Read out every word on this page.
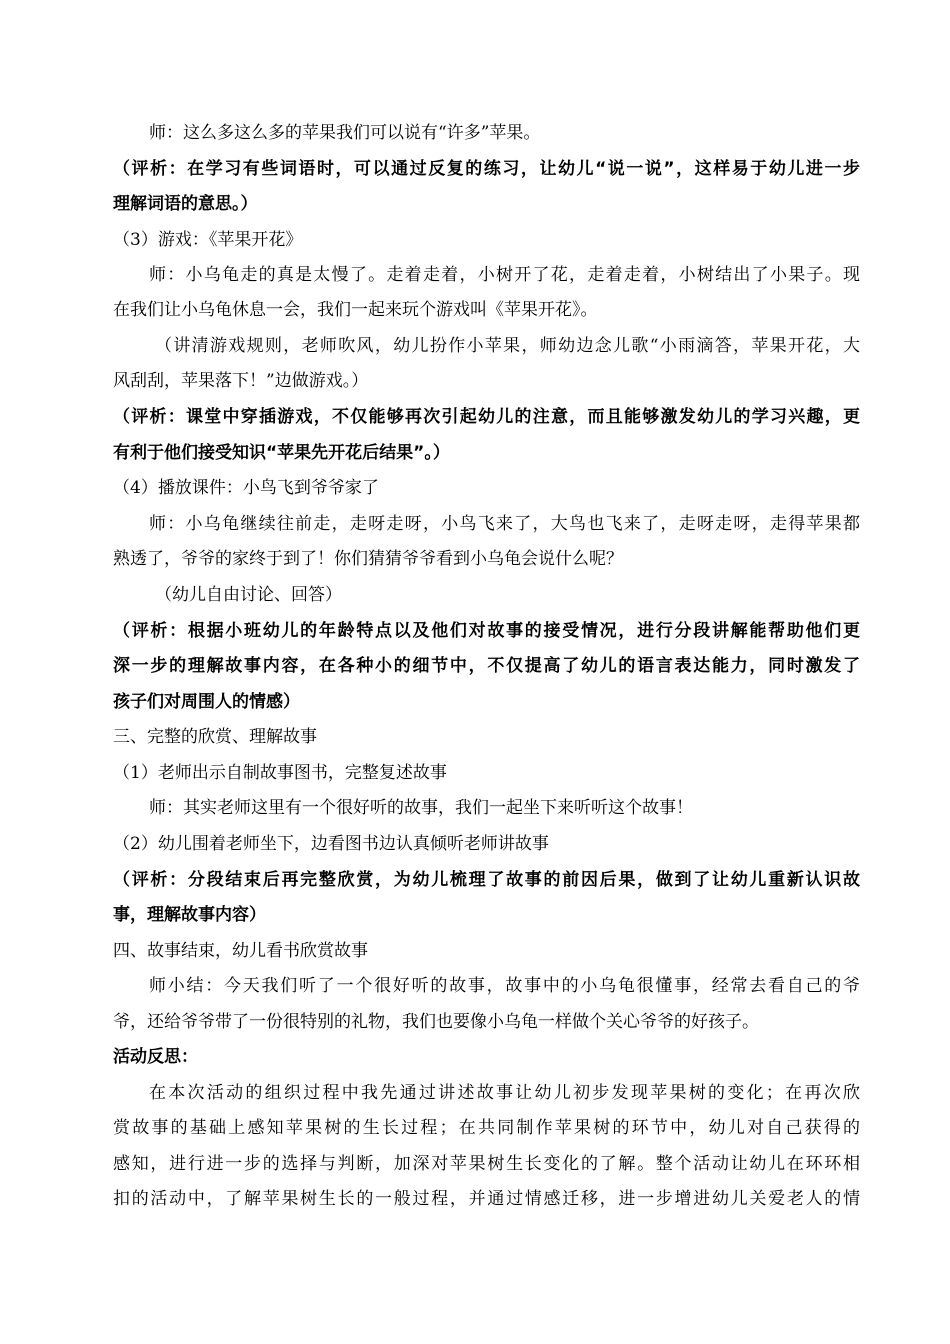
师：这么多这么多的苹果我们可以说有“许多”苹果。
（评析：在学习有些词语时，可以通过反复的练习，让幼儿“说一说”，这样易于幼儿进一步
理解词语的意思。）
（3）游戏：《苹果开花》
师：小乌龟走的真是太慢了。走着走着，小树开了花，走着走着，小树结出了小果子。现
在我们让小乌龟休息一会，我们一起来玩个游戏叫《苹果开花》。
（讲清游戏规则，老师吹风，幼儿扮作小苹果，师幼边念儿歌“小雨滴答，苹果开花，大
风刮刮，苹果落下！”边做游戏。）
（评析：课堂中穿插游戏，不仅能够再次引起幼儿的注意，而且能够激发幼儿的学习兴趣，更
有利于他们接受知识“苹果先开花后结果”。）
（4）播放课件：小鸟飞到爷爷家了
师：小乌龟继续往前走，走呀走呀，小鸟飞来了，大鸟也飞来了，走呀走呀，走得苹果都
熟透了，爷爷的家终于到了！你们猜猜爷爷看到小乌龟会说什么呢？
（幼儿自由讨论、回答）
（评析：根据小班幼儿的年龄特点以及他们对故事的接受情况，进行分段讲解能帮助他们更
深一步的理解故事内容，在各种小的细节中，不仅提高了幼儿的语言表达能力，同时激发了
孩子们对周围人的情感）
三、完整的欣赏、理解故事
（1）老师出示自制故事图书，完整复述故事
师：其实老师这里有一个很好听的故事，我们一起坐下来听听这个故事！
（2）幼儿围着老师坐下，边看图书边认真倾听老师讲故事
（评析：分段结束后再完整欣赏，为幼儿梳理了故事的前因后果，做到了让幼儿重新认识故
事，理解故事内容）
四、故事结束，幼儿看书欣赏故事
师小结：今天我们听了一个很好听的故事，故事中的小乌龟很懂事，经常去看自己的爷
爷，还给爷爷带了一份很特别的礼物，我们也要像小乌龟一样做个关心爷爷的好孩子。
活动反思：
在本次活动的组织过程中我先通过讲述故事让幼儿初步发现苹果树的变化；在再次欣
赏故事的基础上感知苹果树的生长过程；在共同制作苹果树的环节中，幼儿对自己获得的
感知，进行进一步的选择与判断，加深对苹果树生长变化的了解。整个活动让幼儿在环环相
扣的活动中，了解苹果树生长的一般过程，并通过情感迁移，进一步增进幼儿关爱老人的情
